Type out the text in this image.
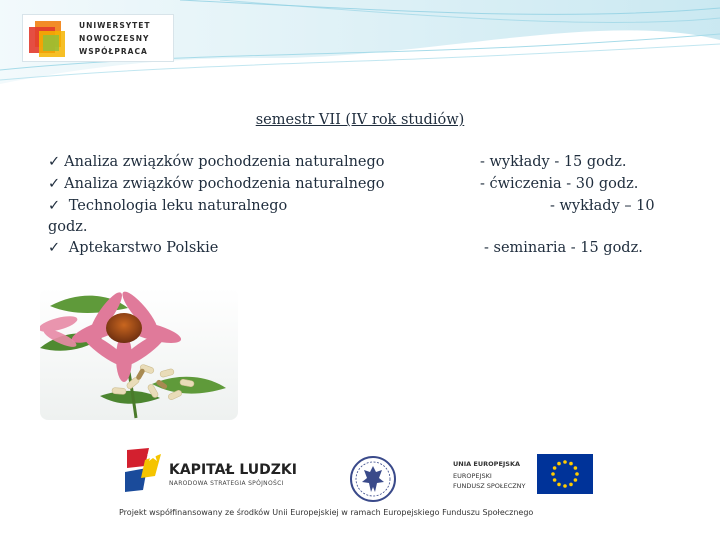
UNIWERSYTET
NOWOCZESNY
WSPÓŁPRACA
semestr VII (IV rok studiów)
✓ Analiza związków pochodzenia naturalnego	- wykłady - 15 godz.
✓ Analiza związków pochodzenia naturalnego	- ćwiczenia - 30 godz.
✓ Technologia leku naturalnego	- wykłady – 10
godz.
✓ Aptekarstwo Polskie	- seminaria - 15 godz.
KAPITAŁ LUDZKI
NARODOWA STRATEGIA SPÓJNOŚCI
UNIA EUROPEJSKA
EUROPEJSKI
FUNDUSZ SPOŁECZNY
Projekt współfinansowany ze środków Unii Europejskiej w ramach Europejskiego Funduszu Społecznego
